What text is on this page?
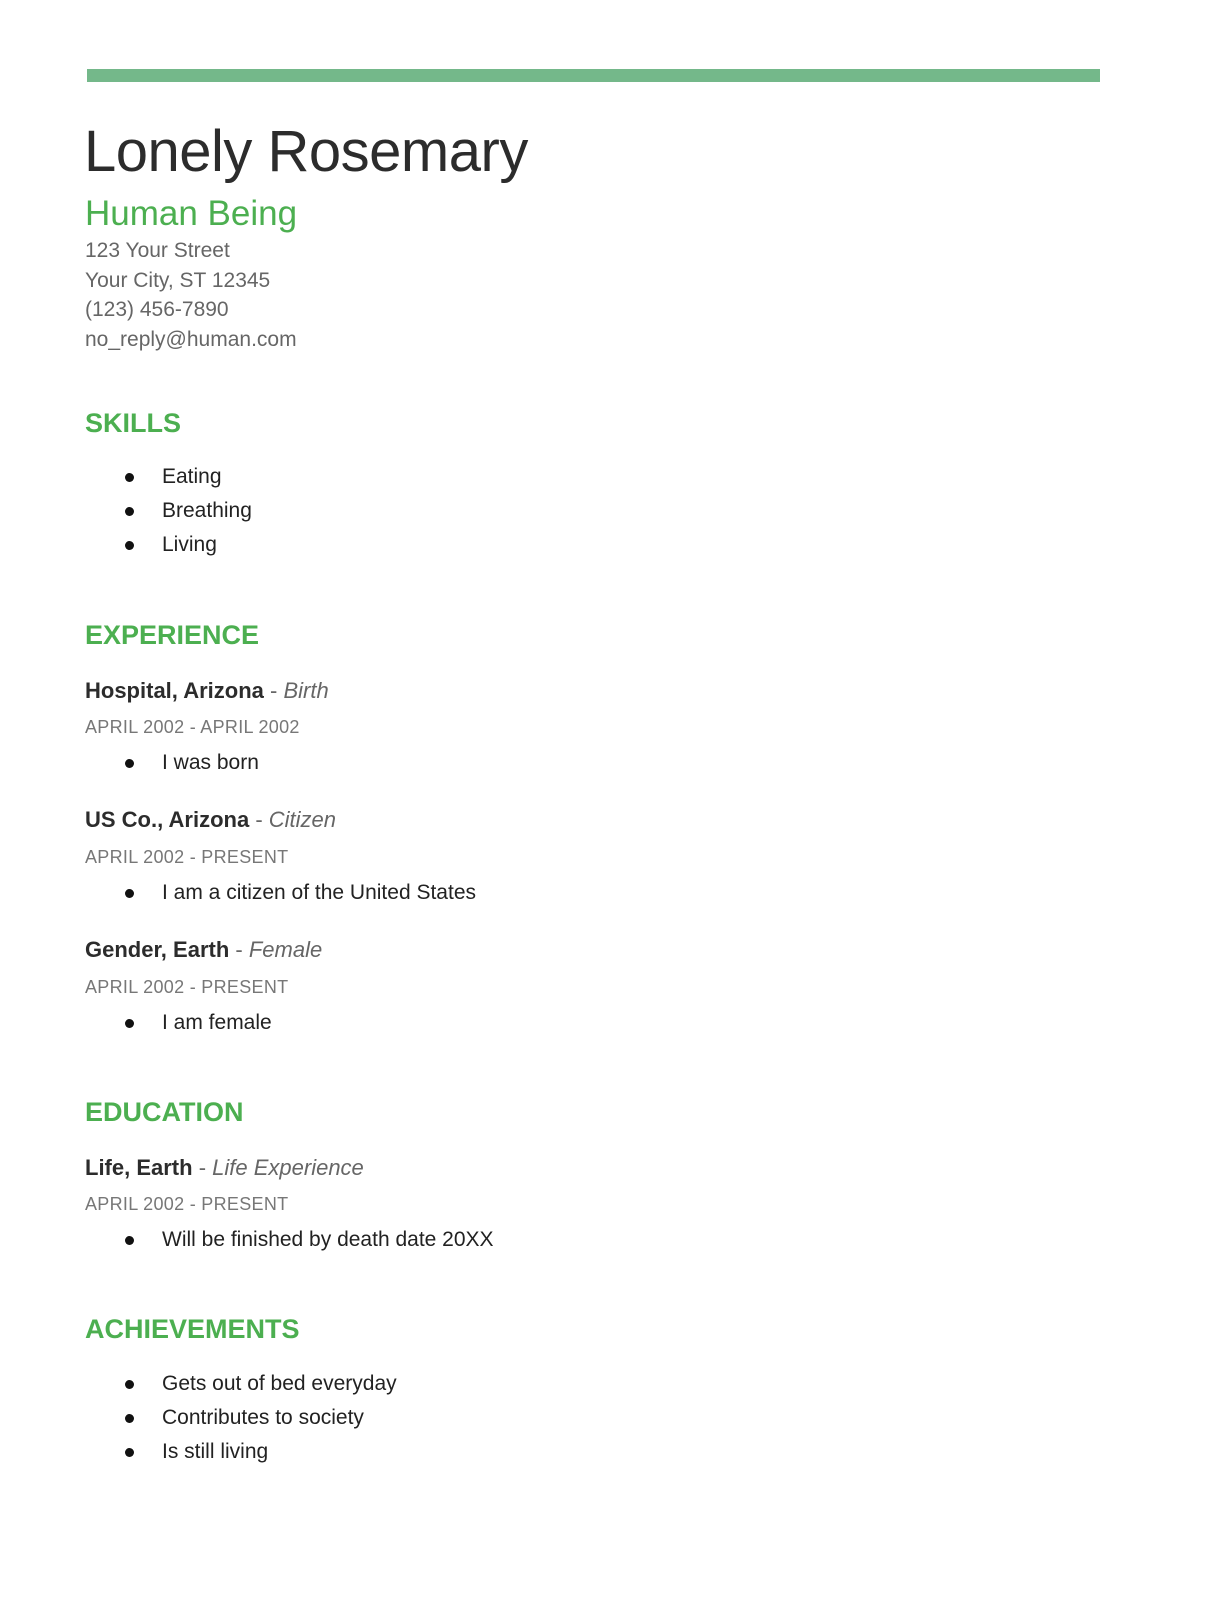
Lonely Rosemary
Human Being
123 Your Street
Your City, ST 12345
(123) 456-7890
no_reply@human.com
SKILLS
Eating
Breathing
Living
EXPERIENCE
Hospital, Arizona - Birth
APRIL 2002 - APRIL 2002
I was born
US Co., Arizona - Citizen
APRIL 2002 - PRESENT
I am a citizen of the United States
Gender, Earth - Female
APRIL 2002 - PRESENT
I am female
EDUCATION
Life, Earth - Life Experience
APRIL 2002 - PRESENT
Will be finished by death date 20XX
ACHIEVEMENTS
Gets out of bed everyday
Contributes to society
Is still living
